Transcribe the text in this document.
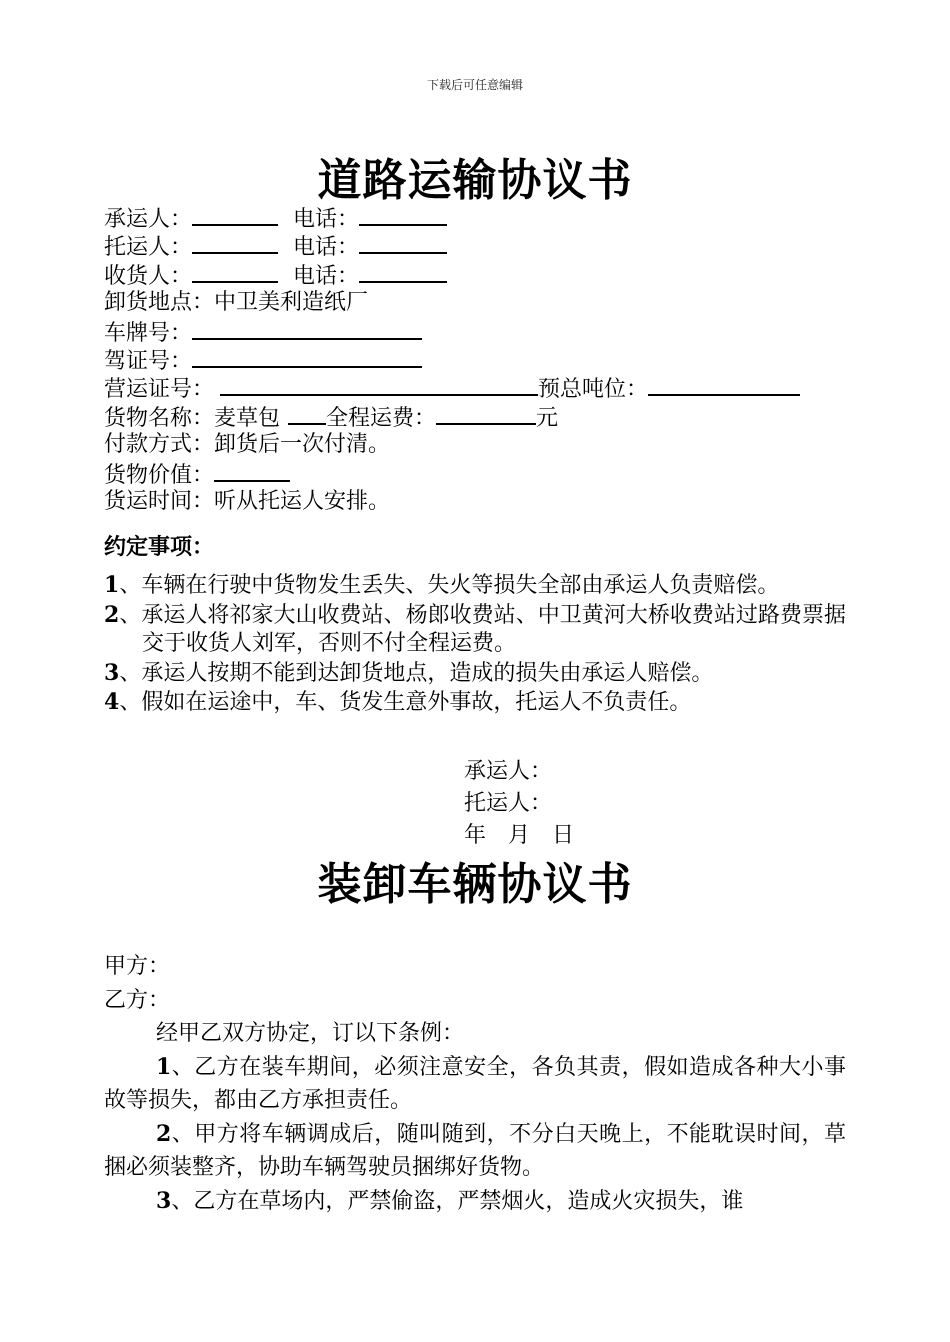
下载后可任意编辑
道路运输协议书
承运人：	电话：
托运人：	电话：
收货人：	电话：
卸货地点：中卫美利造纸厂
车牌号：
驾证号：
营运证号：	预总吨位：
货物名称：麦草包 全程运费：	元
付款方式：卸货后一次付清。
货物价值：
货运时间：听从托运人安排。
约定事项：
1、车辆在行驶中货物发生丢失、失火等损失全部由承运人负责赔偿。
2、承运人将祁家大山收费站、杨郎收费站、中卫黄河大桥收费站过路费票据交于收货人刘军，否则不付全程运费。
3、承运人按期不能到达卸货地点，造成的损失由承运人赔偿。
4、假如在运途中，车、货发生意外事故，托运人不负责任。
承运人：
托运人：
年　月　日
装卸车辆协议书
甲方：
乙方：
经甲乙双方协定，订以下条例：
1、乙方在装车期间，必须注意安全，各负其责，假如造成各种大小事故等损失，都由乙方承担责任。
2、甲方将车辆调成后，随叫随到，不分白天晚上，不能耽误时间，草捆必须装整齐，协助车辆驾驶员捆绑好货物。
3、乙方在草场内，严禁偷盗，严禁烟火，造成火灾损失，谁
